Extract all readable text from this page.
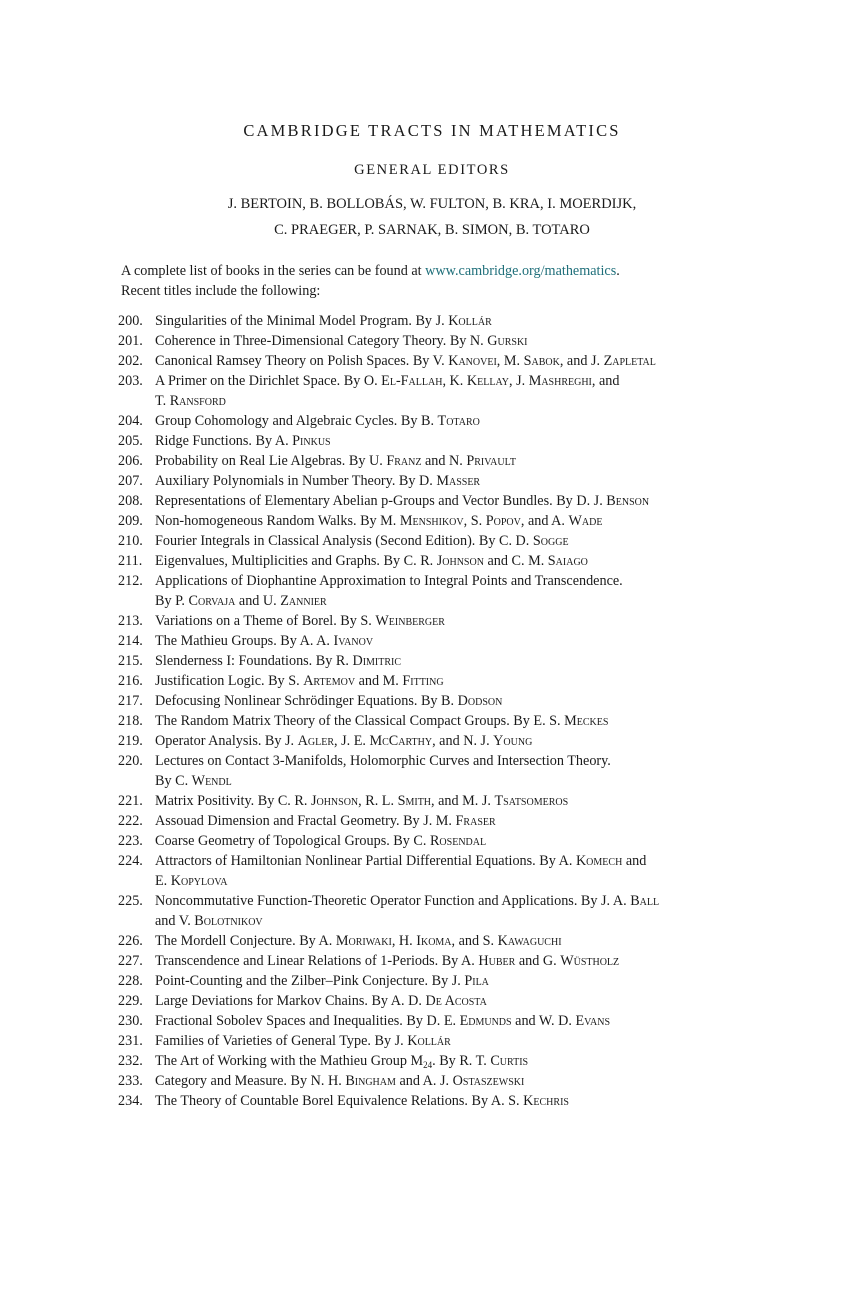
CAMBRIDGE TRACTS IN MATHEMATICS
GENERAL EDITORS
J. BERTOIN, B. BOLLOBÁS, W. FULTON, B. KRA, I. MOERDIJK,
C. PRAEGER, P. SARNAK, B. SIMON, B. TOTARO
A complete list of books in the series can be found at www.cambridge.org/mathematics.
Recent titles include the following:
200. Singularities of the Minimal Model Program. By J. Kollár
201. Coherence in Three-Dimensional Category Theory. By N. Gurski
202. Canonical Ramsey Theory on Polish Spaces. By V. Kanovei, M. Sabok, and J. Zapletal
203. A Primer on the Dirichlet Space. By O. El-Fallah, K. Kellay, J. Mashreghi, and
T. Ransford
204. Group Cohomology and Algebraic Cycles. By B. Totaro
205. Ridge Functions. By A. Pinkus
206. Probability on Real Lie Algebras. By U. Franz and N. Privault
207. Auxiliary Polynomials in Number Theory. By D. Masser
208. Representations of Elementary Abelian p-Groups and Vector Bundles. By D. J. Benson
209. Non-homogeneous Random Walks. By M. Menshikov, S. Popov, and A. Wade
210. Fourier Integrals in Classical Analysis (Second Edition). By C. D. Sogge
211. Eigenvalues, Multiplicities and Graphs. By C. R. Johnson and C. M. Saiago
212. Applications of Diophantine Approximation to Integral Points and Transcendence.
By P. Corvaja and U. Zannier
213. Variations on a Theme of Borel. By S. Weinberger
214. The Mathieu Groups. By A. A. Ivanov
215. Slenderness I: Foundations. By R. Dimitric
216. Justification Logic. By S. Artemov and M. Fitting
217. Defocusing Nonlinear Schrödinger Equations. By B. Dodson
218. The Random Matrix Theory of the Classical Compact Groups. By E. S. Meckes
219. Operator Analysis. By J. Agler, J. E. McCarthy, and N. J. Young
220. Lectures on Contact 3-Manifolds, Holomorphic Curves and Intersection Theory.
By C. Wendl
221. Matrix Positivity. By C. R. Johnson, R. L. Smith, and M. J. Tsatsomeros
222. Assouad Dimension and Fractal Geometry. By J. M. Fraser
223. Coarse Geometry of Topological Groups. By C. Rosendal
224. Attractors of Hamiltonian Nonlinear Partial Differential Equations. By A. Komech and
E. Kopylova
225. Noncommutative Function-Theoretic Operator Function and Applications. By J. A. Ball
and V. Bolotnikov
226. The Mordell Conjecture. By A. Moriwaki, H. Ikoma, and S. Kawaguchi
227. Transcendence and Linear Relations of 1-Periods. By A. Huber and G. Wüstholz
228. Point-Counting and the Zilber–Pink Conjecture. By J. Pila
229. Large Deviations for Markov Chains. By A. D. De Acosta
230. Fractional Sobolev Spaces and Inequalities. By D. E. Edmunds and W. D. Evans
231. Families of Varieties of General Type. By J. Kollár
232. The Art of Working with the Mathieu Group $M_{24}$. By R. T. Curtis
233. Category and Measure. By N. H. Bingham and A. J. Ostaszewski
234. The Theory of Countable Borel Equivalence Relations. By A. S. Kechris
